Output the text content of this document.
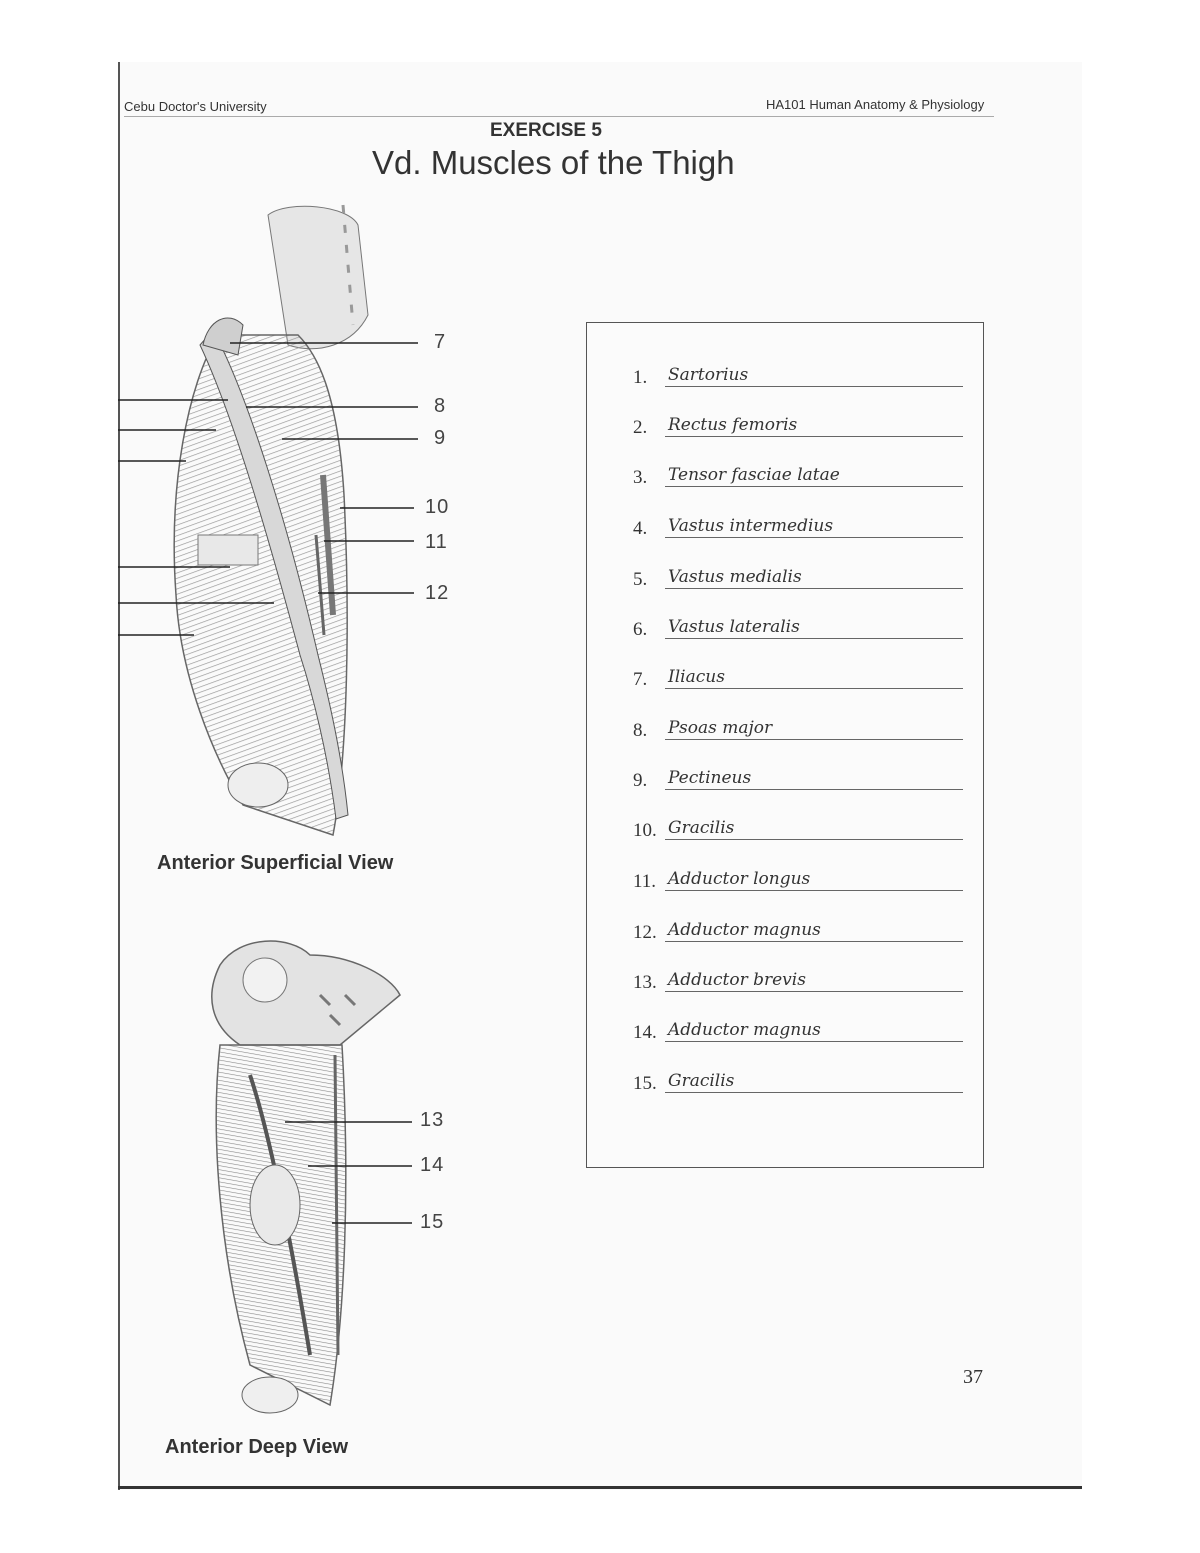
Cebu Doctor's University	HA101 Human Anatomy & Physiology
EXERCISE 5
Vd. Muscles of the Thigh
7
8
9
10
11
12
Anterior Superficial View
13
14
15
Anterior Deep View
1. Sartorius
2. Rectus femoris
3. Tensor fasciae latae
4. Vastus intermedius
5. Vastus medialis
6. Vastus lateralis
7. Iliacus
8. Psoas major
9. Pectineus
10. Gracilis
11. Adductor longus
12. Adductor magnus
13. Adductor brevis
14. Adductor magnus
15. Gracilis
37
